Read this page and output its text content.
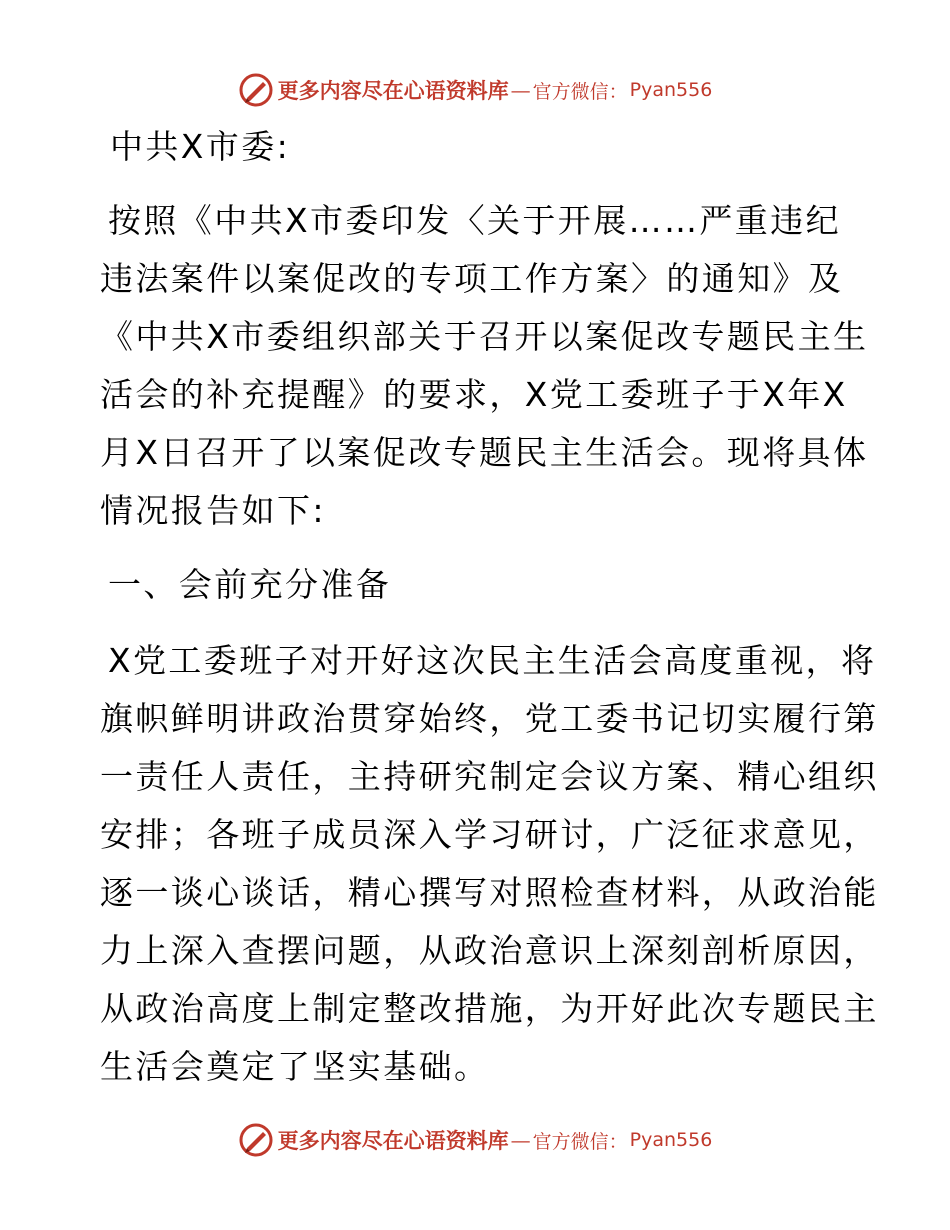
更多内容尽在心语资料库 — 官方微信： Pyan556
中共X市委:
按照《中共X市委印发〈关于开展……严重违纪
违法案件以案促改的专项工作方案〉的通知》及
《中共X市委组织部关于召开以案促改专题民主生
活会的补充提醒》的要求，X党工委班子于X年X
月X日召开了以案促改专题民主生活会。现将具体
情况报告如下:
一、会前充分准备
X党工委班子对开好这次民主生活会高度重视，将
旗帜鲜明讲政治贯穿始终，党工委书记切实履行第
一责任人责任，主持研究制定会议方案、精心组织
安排；各班子成员深入学习研讨，广泛征求意见，
逐一谈心谈话，精心撰写对照检查材料，从政治能
力上深入查摆问题，从政治意识上深刻剖析原因，
从政治高度上制定整改措施，为开好此次专题民主
生活会奠定了坚实基础。
更多内容尽在心语资料库 — 官方微信： Pyan556
